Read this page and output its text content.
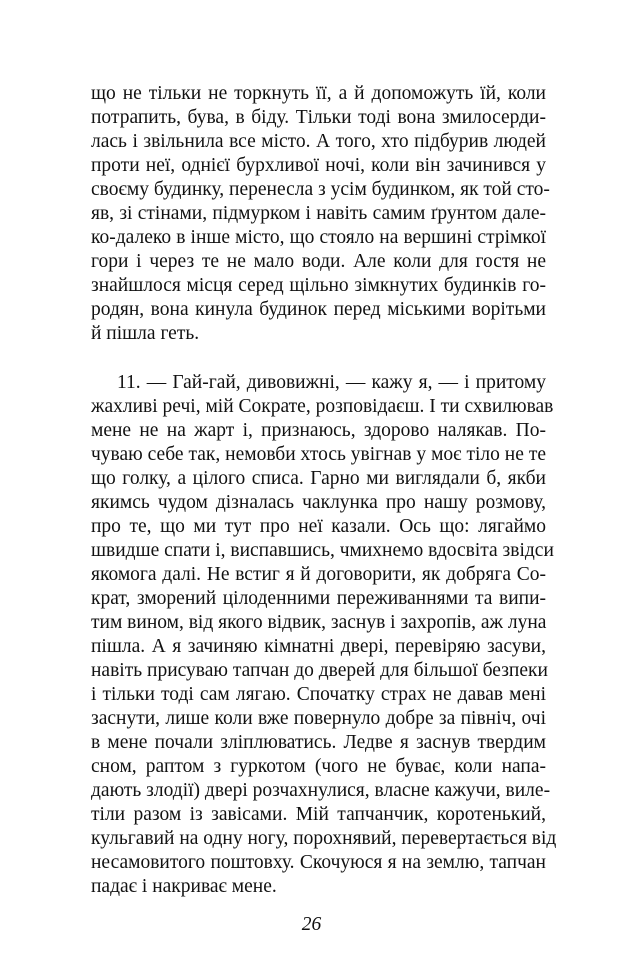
що не тільки не торкнуть її, а й допоможуть їй, коли
потрапить, бува, в біду. Тільки тоді вона змилосерди-
лась і звільнила все місто. А того, хто підбурив людей
проти неї, однієї бурхливої ночі, коли він зачинився у
своєму будинку, перенесла з усім будинком, як той сто-
яв, зі стінами, підмурком і навіть самим ґрунтом дале-
ко-далеко в інше місто, що стояло на вершині стрімкої
гори і через те не мало води. Але коли для гостя не
знайшлося місця серед щільно зімкнутих будинків го-
родян, вона кинула будинок перед міськими ворітьми
й пішла геть.
11. — Гай-гай, дивовижні, — кажу я, — і притому
жахливі речі, мій Сократе, розповідаєш. І ти схвилював
мене не на жарт і, признаюсь, здорово налякав. По-
чуваю себе так, немовби хтось увігнав у моє тіло не те
що голку, а цілого списа. Гарно ми виглядали б, якби
якимсь чудом дізналась чаклунка про нашу розмову,
про те, що ми тут про неї казали. Ось що: лягаймо
швидше спати і, виспавшись, чмихнемо вдосвіта звідси
якомога далі. Не встиг я й договорити, як добряга Со-
крат, зморений цілоденними переживаннями та випи-
тим вином, від якого відвик, заснув і захропів, аж луна
пішла. А я зачиняю кімнатні двері, перевіряю засуви,
навіть присуваю тапчан до дверей для більшої безпеки
і тільки тоді сам лягаю. Спочатку страх не давав мені
заснути, лише коли вже повернуло добре за північ, очі
в мене почали зліплюватись. Ледве я заснув твердим
сном, раптом з гуркотом (чого не буває, коли напа-
дають злодії) двері розчахнулися, власне кажучи, виле-
тіли разом із завісами. Мій тапчанчик, коротенький,
кульгавий на одну ногу, порохнявий, перевертається від
несамовитого поштовху. Скочуюся я на землю, тапчан
падає і накриває мене.
26
